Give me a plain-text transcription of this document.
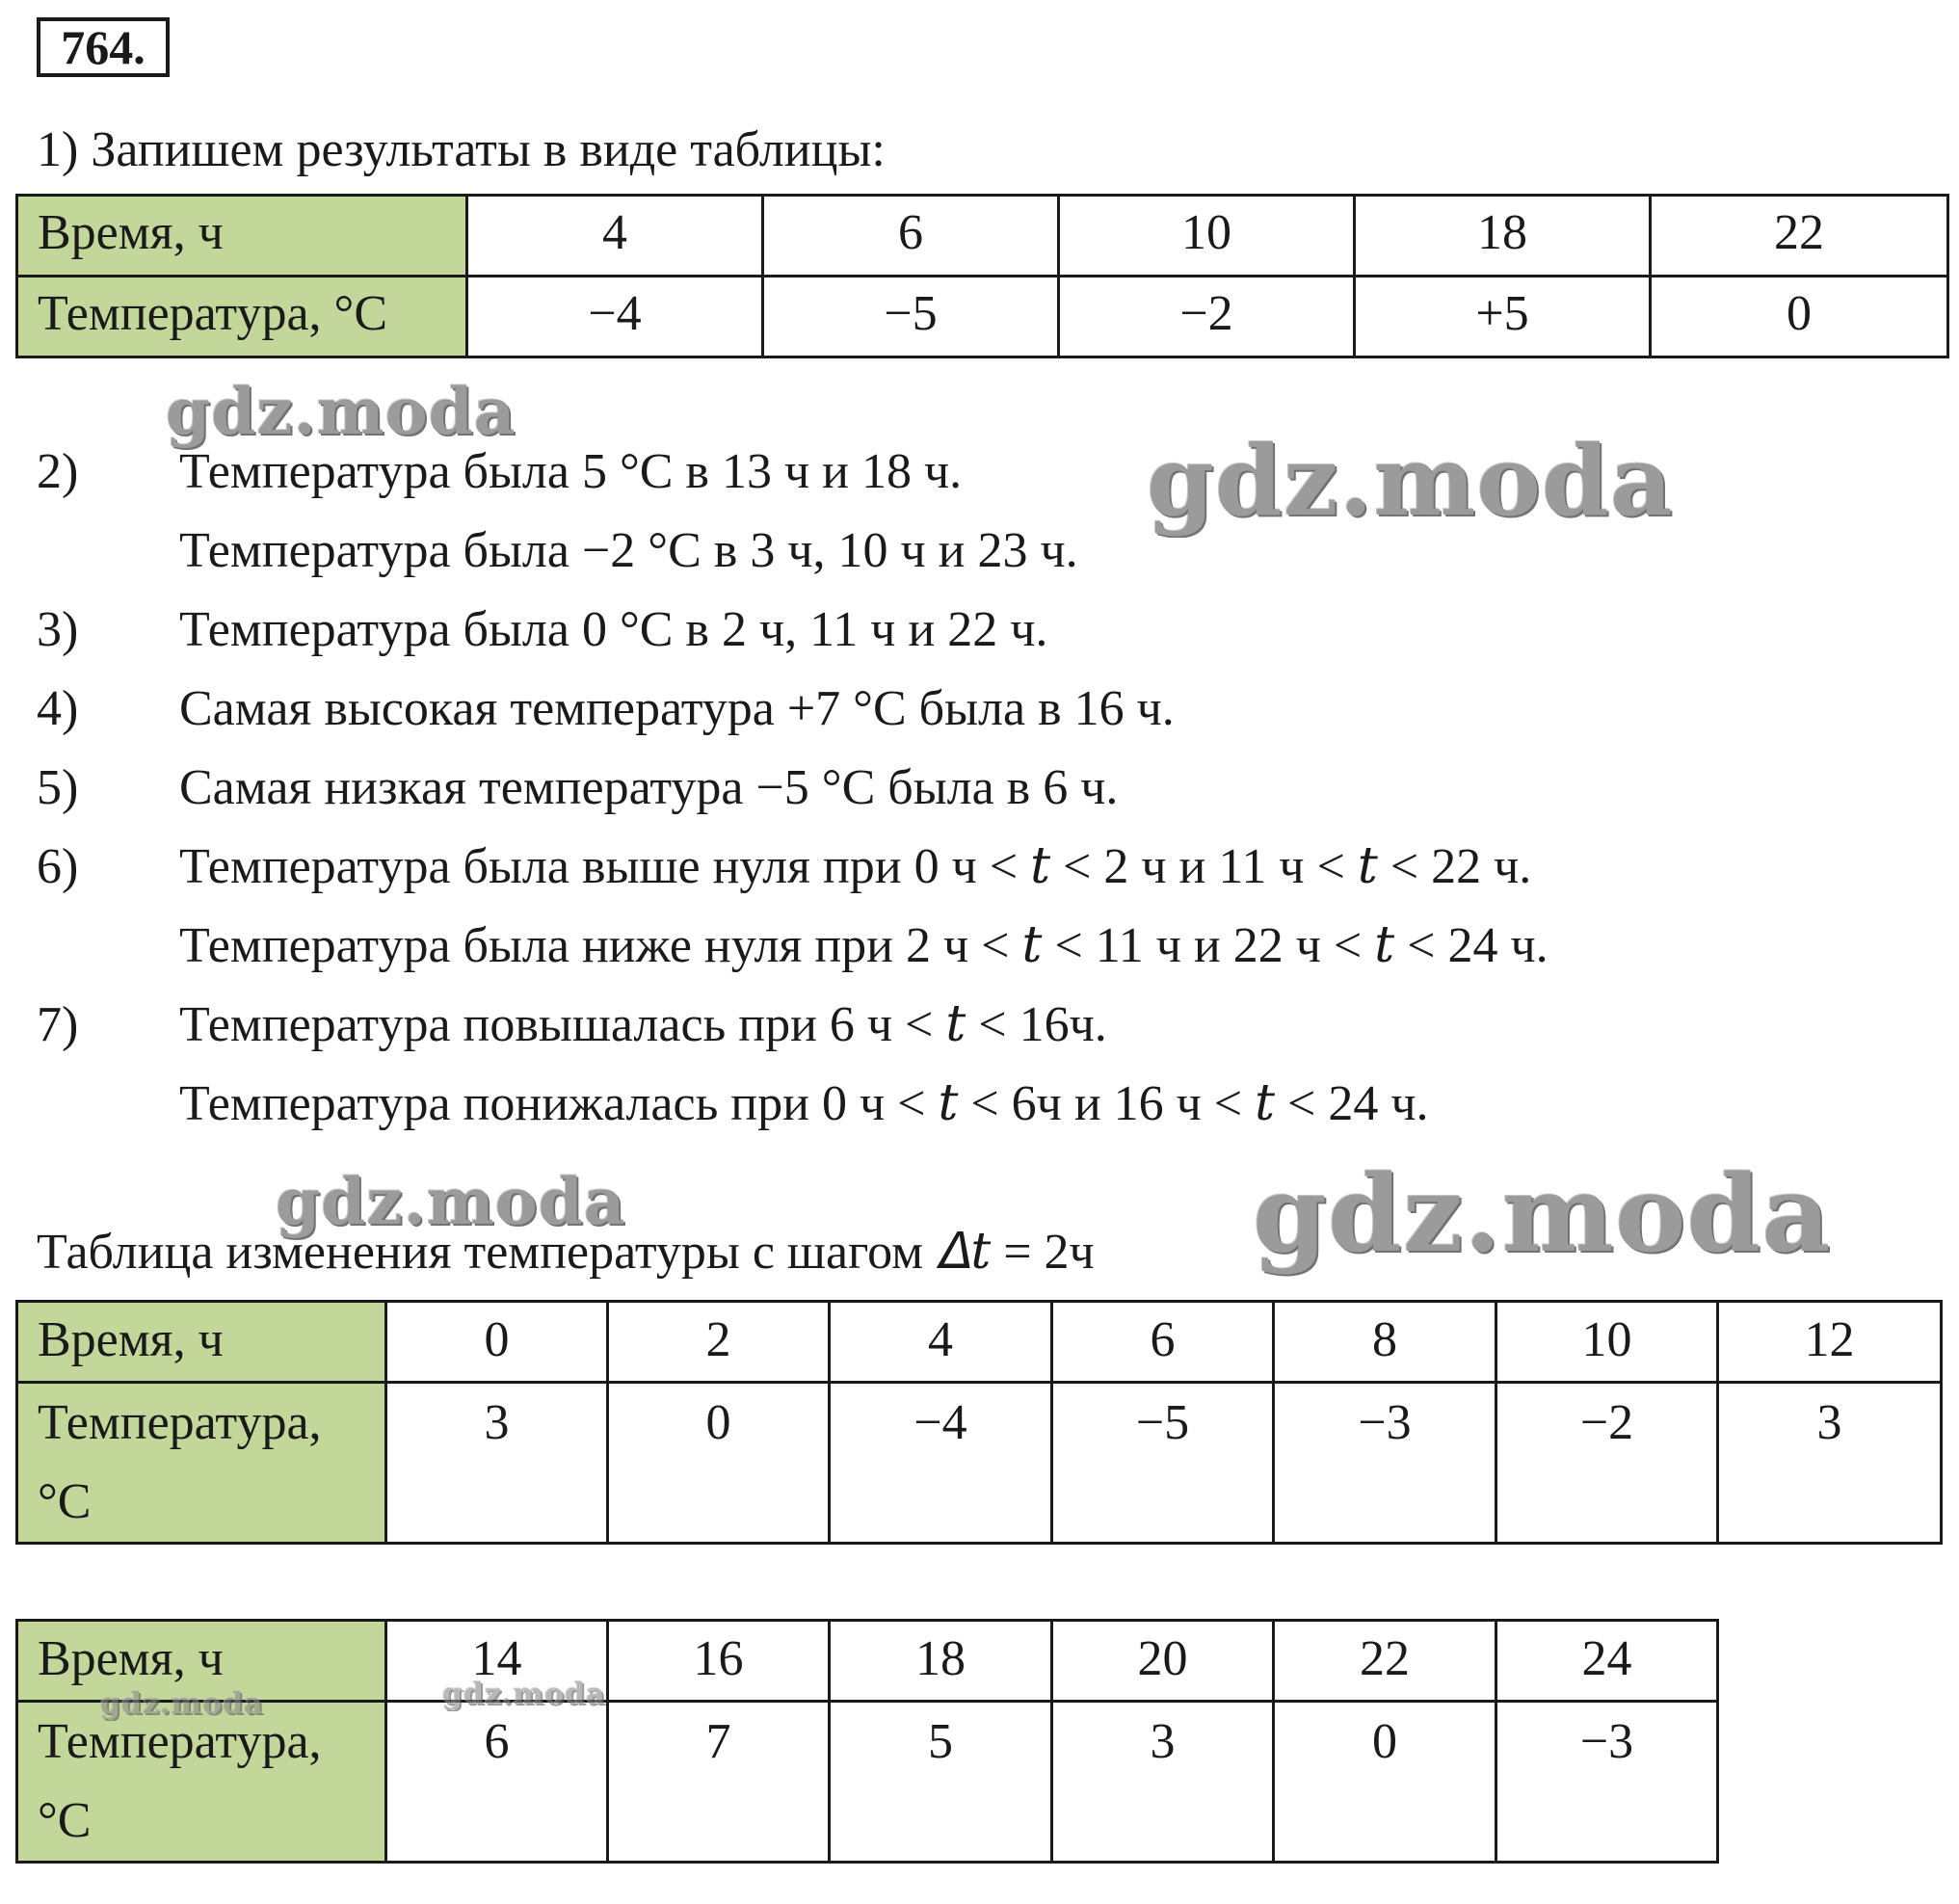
764.
1) Запишем результаты в виде таблицы:
Время, ч	4	6	10	18	22
Температура, °С	−4	−5	−2	+5	0
2) Температура была 5 °С в 13 ч и 18 ч.
Температура была −2 °С в 3 ч, 10 ч и 23 ч.
3) Температура была 0 °С в 2 ч, 11 ч и 22 ч.
4) Самая высокая температура +7 °С была в 16 ч.
5) Самая низкая температура −5 °С была в 6 ч.
6) Температура была выше нуля при 0 ч < 𝑡 < 2 ч и 11 ч < 𝑡 < 22 ч.
Температура была ниже нуля при 2 ч < 𝑡 < 11 ч и 22 ч < 𝑡 < 24 ч.
7) Температура повышалась при 6 ч < 𝑡 < 16ч.
Температура понижалась при 0 ч < 𝑡 < 6ч и 16 ч < 𝑡 < 24 ч.
Таблица изменения температуры с шагом 𝛥𝑡 = 2ч
Время, ч	0	2	4	6	8	10	12
Температура, °С	3	0	−4	−5	−3	−2	3
Время, ч	14	16	18	20	22	24
Температура, °С	6	7	5	3	0	−3
gdz.moda
gdz.moda
gdz.moda	gdz.moda
gdz.moda	gdz.moda
